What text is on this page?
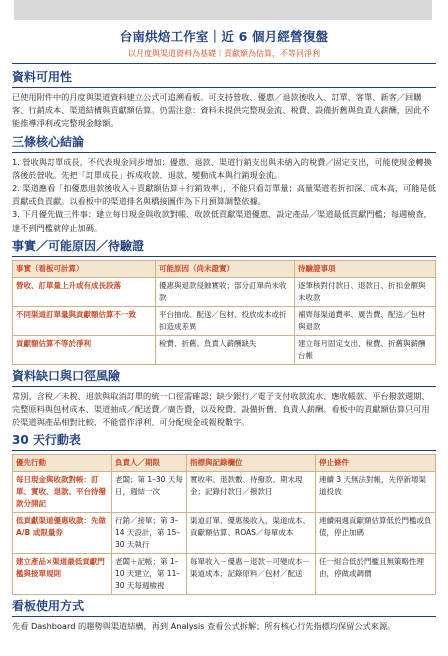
台南烘焙工作室｜近 6 個月經營復盤
以月度與渠道資料為基礎｜貢獻額為估算，不等同淨利
資料可用性

已使用附件中的月度與渠道資料建立公式可追溯看板。可支持營收、優惠／退款後收入、訂單、客單、新客／回購客、行銷成本、渠道結構與貢獻額估算。仍需注意：資料未提供完整現金流、稅費、設備折舊與負責人薪酬，因此不能推導淨利或完整現金餘額。

三條核心結論

1. 營收與訂單成長，不代表現金同步增加：優惠、退款、渠道行銷支出與未納入的稅費／固定支出，可能使現金轉換落後於營收。先把「訂單成長」拆成收款、退款、變動成本與行銷現金流。

2. 渠道應看「扣優惠退款後收入＋貢獻額估算＋行銷效率」，不能只看訂單量；高量渠道若折扣深、成本高，可能是低貢獻或負貢獻。以看板中的渠道排名與橋接圖作為下月預算調整依據。

3. 下月優先做三件事：建立每日現金與收款對帳、收款低貢獻渠道優惠、設定產品／渠道最低貢獻門檻；每週檢查，達不到門檻就停止加碼。

事實／可能原因／待驗證
事實（看板可計算）	可能原因（尚未證實）	待驗證事項
營收、訂單量上升或有成長段落	優惠與退款侵蝕實收；部分訂單尚未收款	逐筆核對付款日、退款日、折扣金額與未收款
不同渠道訂單量與貢獻額估算不一致	平台抽成、配送／包材、投放成本或折扣造成差異	補齊每渠道費率、廣告費、配送／包材與退款
貢獻額估算不等於淨利	稅費、折舊、負責人薪酬缺失	建立每月固定支出、稅費、折舊與薪酬台帳
資料缺口與口徑風險

常別、含稅／未稅、退款與取消訂單的統一口徑需確認；缺少銀行／電子支付收款流水、應收帳款、平台撥款週期、完整原料與包材成本、渠道抽成／配送費／廣告費，以及稅費、設備折舊、負責人薪酬。看板中的貢獻額估算只可用於渠道與產品相對比較，不能當作淨利、可分配現金或報稅數字。

30 天行動表
優先行動	負責人／期限	指標與記錄欄位	停止條件
每日現金與收款對帳：訂單、實收、退款、平台待撥款分開記	老闆；第 1–30 天每日，週結一次	實收率、退款數、待撥款、期末現金；記錄付款日／撥款日	連續 3 天無法對帳，先停新增渠道投放
低貢獻渠道優惠收款：先做 A/B 或限量券	行銷／接單；第 3–14 天設計，第 15–30 天執行	渠道訂單、優惠後收入、渠道成本、貢獻額估算、ROAS／每單成本	連續兩週貢獻額估算低於門檻或負值，停止加碼
建立產品×渠道最低貢獻門檻與接單規則	老闆＋記帳；第 1–10 天建立，第 11–30 天每週檢視	每單收入－優惠－退款－可變成本－渠道成本；記錄原料／包材／配送	任一組合低於門檻且無策略性理由，停做或調價
看板使用方式

先看 Dashboard 的趨勢與渠道結構，再到 Analysis 查看公式拆解；所有核心行先指標均保留公式來源。
